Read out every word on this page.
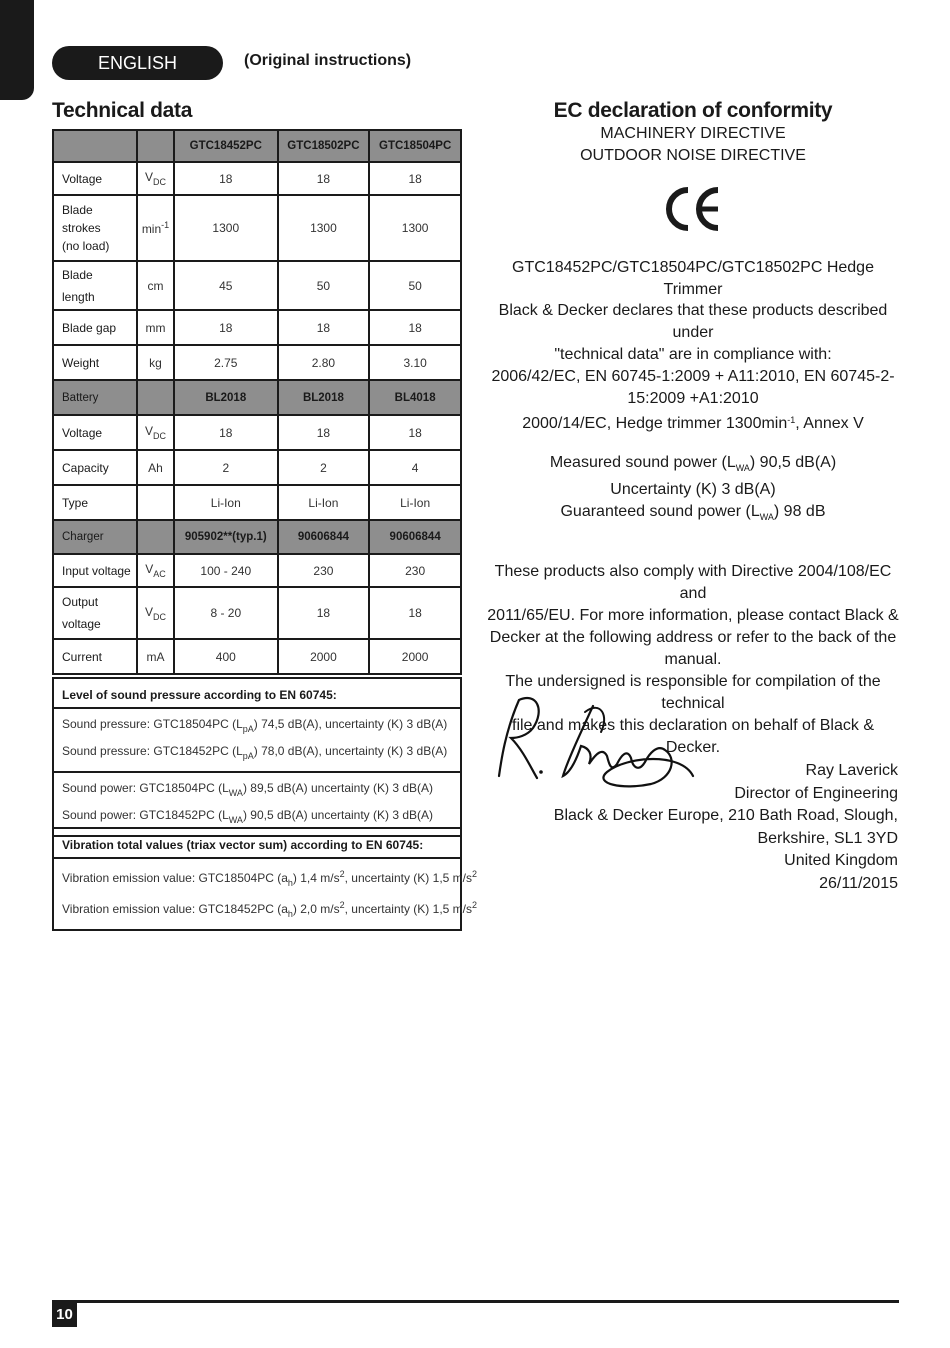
ENGLISH	(Original instructions)
Technical data
		GTC18452PC	GTC18502PC	GTC18504PC
Voltage	$V_{DC}$	18	18	18

Blade
strokes
(no load)	$\min^{-1}$	1300	1300	1300

Blade
length	cm	45	50	50
Blade gap	mm	18	18	18
Weight	kg	2.75	2.80	3.10
Battery		BL2018	BL2018	BL4018
Voltage	$V_{DC}$	18	18	18
Capacity	Ah	2	2	4
Type		Li-Ion	Li-Ion	Li-Ion
Charger		905902**(typ.1)	90606844	90606844
Input voltage	$V_{AC}$	100 - 240	230	230

Output
voltage	$V_{DC}$	8 - 20	18	18
Current	mA	400	2000	2000
Level of sound pressure according to EN 60745:
Sound pressure: GTC18504PC $(L_{pA})$ 74,5 dB(A), uncertainty (K) 3 dB(A)
Sound pressure: GTC18452PC $(L_{pA})$ 78,0 dB(A), uncertainty (K) 3 dB(A)
Sound power: GTC18504PC $(L_{WA})$ 89,5 dB(A) uncertainty (K) 3 dB(A)
Sound power: GTC18452PC $(L_{WA})$ 90,5 dB(A) uncertainty (K) 3 dB(A)
Vibration total values (triax vector sum) according to EN 60745:
Vibration emission value: GTC18504PC $(a_h)$ 1,4 $m/s^2$, uncertainty (K) 1,5 $m/s^2$
Vibration emission value: GTC18452PC $(a_h)$ 2,0 $m/s^2$, uncertainty (K) 1,5 $m/s^2$
EC declaration of conformity
MACHINERY DIRECTIVE
OUTDOOR NOISE DIRECTIVE
GTC18452PC/GTC18504PC/GTC18502PC Hedge Trimmer
Black & Decker declares that these products described under
"technical data" are in compliance with:
2006/42/EC, EN 60745-1:2009 + A11:2010, EN 60745-2-
15:2009 +A1:2010
2000/14/EC, Hedge trimmer $1300\min^{-1}$, Annex V
Measured sound power $(L_{WA})$ 90,5 dB(A)
Uncertainty (K) 3 dB(A)
Guaranteed sound power $(L_{WA})$ 98 dB
These products also comply with Directive 2004/108/EC and
2011/65/EU. For more information, please contact Black &
Decker at the following address or refer to the back of the
manual.
The undersigned is responsible for compilation of the technical
file and makes this declaration on behalf of Black & Decker.
Ray Laverick
Director of Engineering
Black & Decker Europe, 210 Bath Road, Slough,
Berkshire, SL1 3YD
United Kingdom
26/11/2015
10
